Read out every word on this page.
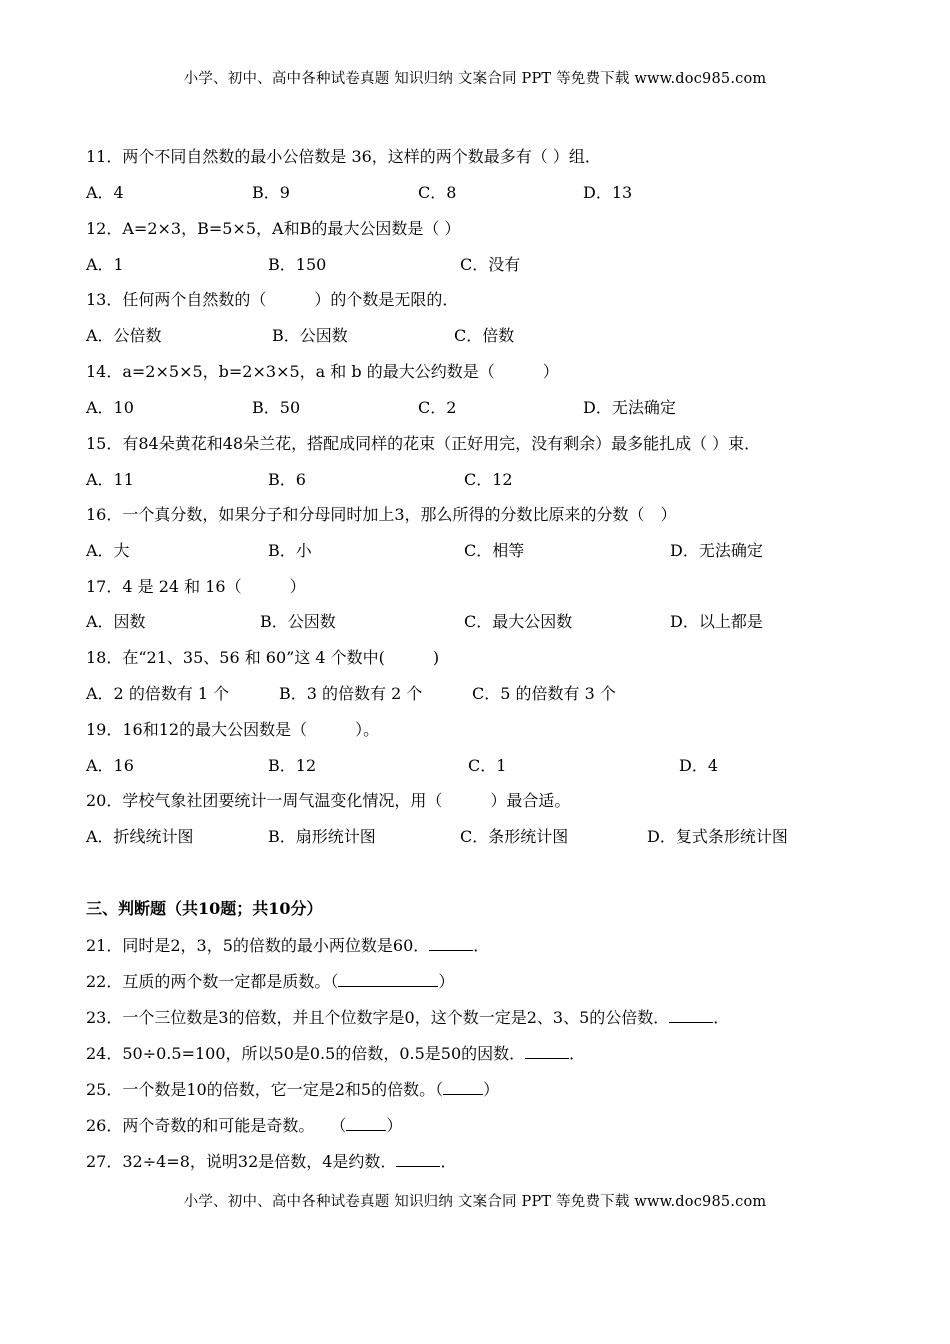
小学、初中、高中各种试卷真题 知识归纳 文案合同 PPT 等免费下载 www.doc985.com
11．两个不同自然数的最小公倍数是 36，这样的两个数最多有（ ）组．
A．4	B．9	C．8	D．13
12．A=2×3，B=5×5，A和B的最大公因数是（ ）
A．1	B．150	C．没有
13．任何两个自然数的（　　　）的个数是无限的．
A．公倍数	B．公因数	C．倍数
14．a=2×5×5，b=2×3×5，a 和 b 的最大公约数是（　　　）
A．10	B．50	C．2	D．无法确定
15．有84朵黄花和48朵兰花，搭配成同样的花束（正好用完，没有剩余）最多能扎成（ ）束．
A．11	B．6	C．12
16．一个真分数，如果分子和分母同时加上3，那么所得的分数比原来的分数（　）
A．大	B．小	C．相等	D．无法确定
17．4 是 24 和 16（　　　）
A．因数	B．公因数	C．最大公因数	D．以上都是
18．在“21、35、56 和 60”这 4 个数中(　　　)
A．2 的倍数有 1 个	B．3 的倍数有 2 个	C．5 的倍数有 3 个
19．16和12的最大公因数是（　　　）。
A．16	B．12	C．1	D．4
20．学校气象社团要统计一周气温变化情况，用（　　　）最合适。
A．折线统计图	B．扇形统计图	C．条形统计图	D．复式条形统计图
三、判断题（共10题；共10分）
21．同时是2，3，5的倍数的最小两位数是60．	．
22．互质的两个数一定都是质数。（	）
23．一个三位数是3的倍数，并且个位数字是0，这个数一定是2、3、5的公倍数．	．
24．50÷0.5=100，所以50是0.5的倍数，0.5是50的因数．	．
25．一个数是10的倍数，它一定是2和5的倍数。（	）
26．两个奇数的和可能是奇数。　　（	）
27．32÷4=8，说明32是倍数，4是约数．	．
小学、初中、高中各种试卷真题 知识归纳 文案合同 PPT 等免费下载 www.doc985.com
